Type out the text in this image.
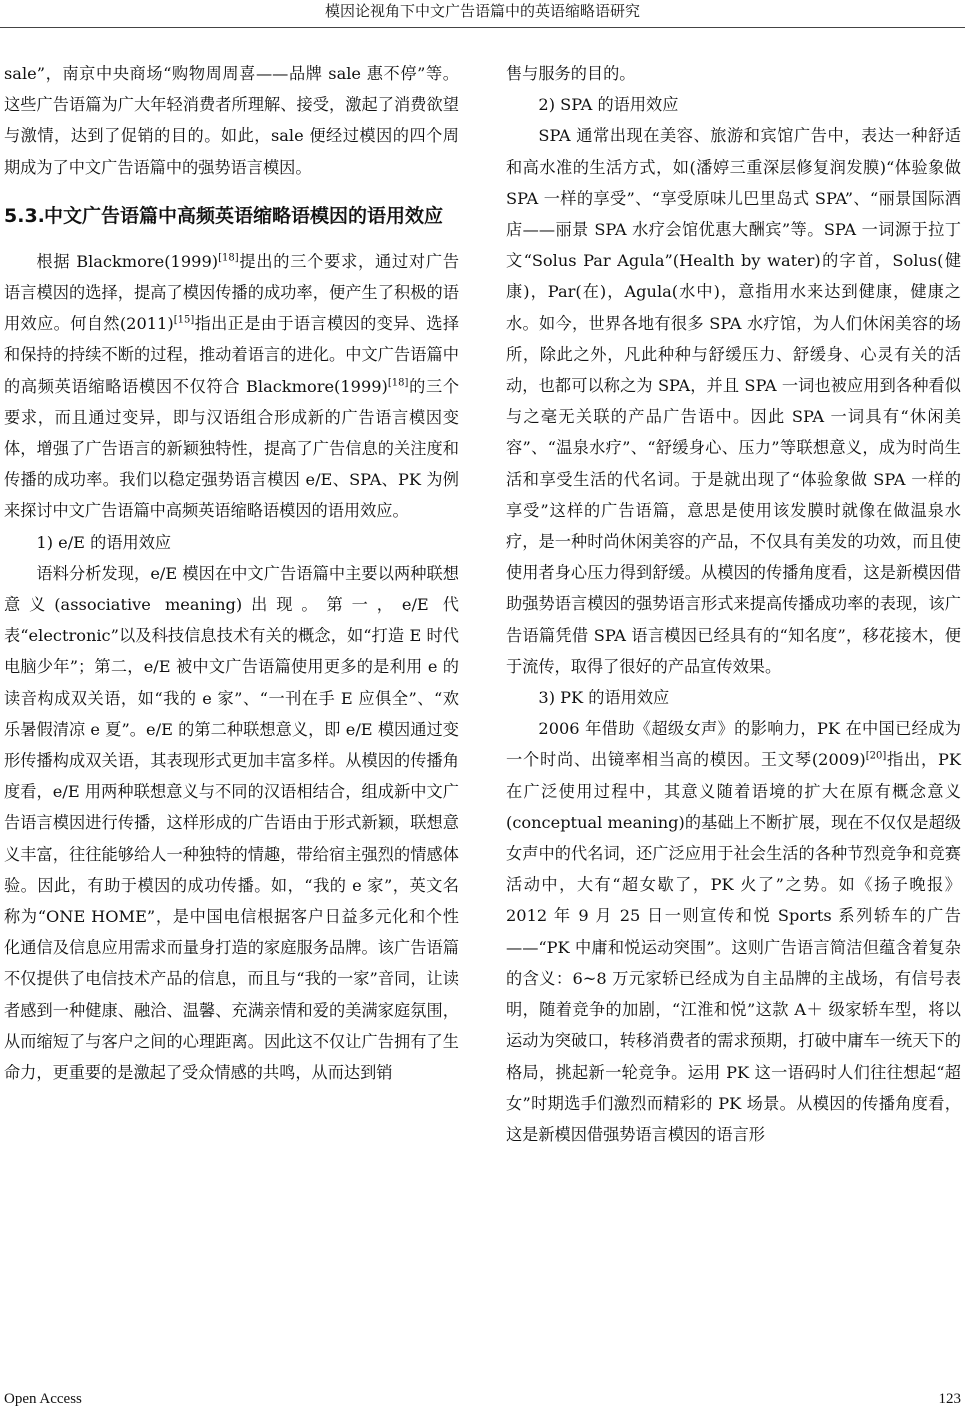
模因论视角下中文广告语篇中的英语缩略语研究

sale”，南京中央商场“购物周周喜——品牌 sale 惠不停”等。这些广告语篇为广大年轻消费者所理解、接受，激起了消费欲望与激情，达到了促销的目的。如此，sale 便经过模因的四个周期成为了中文广告语篇中的强势语言模因。

5.3. 中文广告语篇中高频英语缩略语模因的语用效应

根据 Blackmore(1999)[18]提出的三个要求，通过对广告语言模因的选择，提高了模因传播的成功率，便产生了积极的语用效应。何自然(2011)[15]指出正是由于语言模因的变异、选择和保持的持续不断的过程，推动着语言的进化。中文广告语篇中的高频英语缩略语模因不仅符合 Blackmore(1999)[18]的三个要求，而且通过变异，即与汉语组合形成新的广告语言模因变体，增强了广告语言的新颖独特性，提高了广告信息的关注度和传播的成功率。我们以稳定强势语言模因 e/E、SPA、PK 为例来探讨中文广告语篇中高频英语缩略语模因的语用效应。

1) e/E 的语用效应

语料分析发现，e/E 模因在中文广告语篇中主要以两种联想意义(associative meaning)出现。第一，e/E 代表“electronic”以及科技信息技术有关的概念，如“打造 E 时代电脑少年”；第二，e/E 被中文广告语篇使用更多的是利用 e 的读音构成双关语，如“我的 e 家”、“一刊在手 E 应俱全”、“欢乐暑假清凉 e 夏”。e/E 的第二种联想意义，即 e/E 模因通过变形传播构成双关语，其表现形式更加丰富多样。从模因的传播角度看，e/E 用两种联想意义与不同的汉语相结合，组成新中文广告语言模因进行传播，这样形成的广告语由于形式新颖，联想意义丰富，往往能够给人一种独特的情趣，带给宿主强烈的情感体验。因此，有助于模因的成功传播。如，“我的 e 家”，英文名称为“ONE HOME”，是中国电信根据客户日益多元化和个性化通信及信息应用需求而量身打造的家庭服务品牌。该广告语篇不仅提供了电信技术产品的信息，而且与“我的一家”音同，让读者感到一种健康、融洽、温馨、充满亲情和爱的美满家庭氛围，从而缩短了与客户之间的心理距离。因此这不仅让广告拥有了生命力，更重要的是激起了受众情感的共鸣，从而达到销

售与服务的目的。

2) SPA 的语用效应

SPA 通常出现在美容、旅游和宾馆广告中，表达一种舒适和高水准的生活方式，如(潘婷三重深层修复润发膜)“体验象做 SPA 一样的享受”、“享受原味儿巴里岛式 SPA”、“丽景国际酒店——丽景 SPA 水疗会馆优惠大酬宾”等。SPA 一词源于拉丁文“Solus Par Agula”(Health by water)的字首，Solus(健康)，Par(在)，Agula(水中)，意指用水来达到健康，健康之水。如今，世界各地有很多 SPA 水疗馆，为人们休闲美容的场所，除此之外，凡此种种与舒缓压力、舒缓身、心灵有关的活动，也都可以称之为 SPA，并且 SPA 一词也被应用到各种看似与之毫无关联的产品广告语中。因此 SPA 一词具有“休闲美容”、“温泉水疗”、“舒缓身心、压力”等联想意义，成为时尚生活和享受生活的代名词。于是就出现了“体验象做 SPA 一样的享受”这样的广告语篇，意思是使用该发膜时就像在做温泉水疗，是一种时尚休闲美容的产品，不仅具有美发的功效，而且使使用者身心压力得到舒缓。从模因的传播角度看，这是新模因借助强势语言模因的强势语言形式来提高传播成功率的表现，该广告语篇凭借 SPA 语言模因已经具有的“知名度”，移花接木，便于流传，取得了很好的产品宣传效果。

3) PK 的语用效应

2006 年借助《超级女声》的影响力，PK 在中国已经成为一个时尚、出镜率相当高的模因。王文琴(2009)[20]指出，PK 在广泛使用过程中，其意义随着语境的扩大在原有概念意义(conceptual meaning)的基础上不断扩展，现在不仅仅是超级女声中的代名词，还广泛应用于社会生活的各种节烈竞争和竞赛活动中，大有“超女歇了，PK 火了”之势。如《扬子晚报》2012 年 9 月 25 日一则宣传和悦 Sports 系列轿车的广告——“PK 中庸和悦运动突围”。这则广告语言简洁但蕴含着复杂的含义：6~8 万元家轿已经成为自主品牌的主战场，有信号表明，随着竞争的加剧，“江淮和悦”这款 A＋ 级家轿车型，将以运动为突破口，转移消费者的需求预期，打破中庸车一统天下的格局，挑起新一轮竞争。运用 PK 这一语码时人们往往想起“超女”时期选手们激烈而精彩的 PK 场景。从模因的传播角度看，这是新模因借强势语言模因的语言形

Open Access	123
